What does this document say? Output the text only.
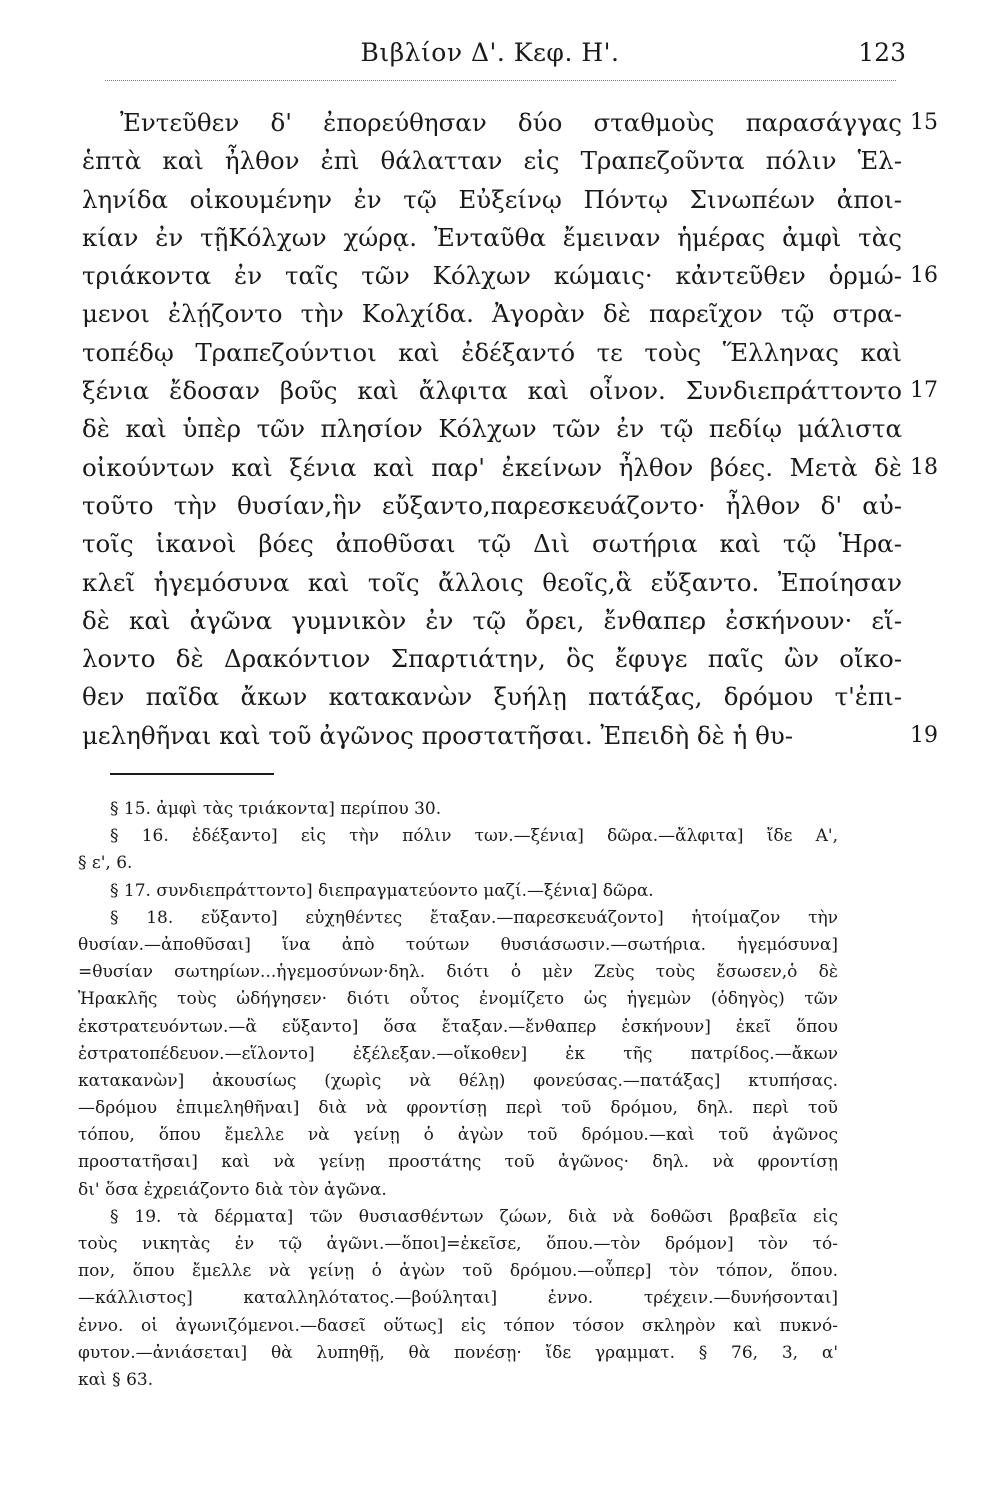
Βιβλίον Δ'. Κεφ. Η'.	123
Ἐντεῦθεν δ' ἐπορεύθησαν δύο σταθμοὺς παρασάγγας 15
ἑπτὰ καὶ ἦλθον ἐπὶ θάλατταν εἰς Τραπεζοῦντα πόλιν Ἑλ-
ληνίδα οἰκουμένην ἐν τῷ Εὐξείνῳ Πόντῳ Σινωπέων ἀποι-
κίαν ἐν τῇΚόλχων χώρᾳ. Ἐνταῦθα ἔμειναν ἡμέρας ἀμφὶ τὰς
τριάκοντα ἐν ταῖς τῶν Κόλχων κώμαις· κἀντεῦθεν ὁρμώ- 16
μενοι ἐλῄζοντο τὴν Κολχίδα. Ἀγορὰν δὲ παρεῖχον τῷ στρα-
τοπέδῳ Τραπεζούντιοι καὶ ἐδέξαντό τε τοὺς Ἕλληνας καὶ
ξένια ἔδοσαν βοῦς καὶ ἄλφιτα καὶ οἶνον. Συνδιεπράττοντο 17
δὲ καὶ ὑπὲρ τῶν πλησίον Κόλχων τῶν ἐν τῷ πεδίῳ μάλιστα
οἰκούντων καὶ ξένια καὶ παρ' ἐκείνων ἦλθον βόες. Μετὰ δὲ 18
τοῦτο τὴν θυσίαν,ἣν εὔξαντο,παρεσκευάζοντο· ἦλθον δ' αὐ-
τοῖς ἱκανοὶ βόες ἀποθῦσαι τῷ Διὶ σωτήρια καὶ τῷ Ἡρα-
κλεῖ ἡγεμόσυνα καὶ τοῖς ἄλλοις θεοῖς,ἃ εὔξαντο. Ἐποίησαν
δὲ καὶ ἀγῶνα γυμνικὸν ἐν τῷ ὄρει, ἔνθαπερ ἐσκήνουν· εἵ-
λοντο δὲ Δρακόντιον Σπαρτιάτην, ὃς ἔφυγε παῖς ὢν οἴκο-
θεν παῖδα ἄκων κατακανὼν ξυήλῃ πατάξας, δρόμου τ'ἐπι-
μεληθῆναι καὶ τοῦ ἀγῶνος προστατῆσαι. Ἐπειδὴ δὲ ἡ θυ-	19
§ 15. ἀμφὶ τὰς τριάκοντα] περίπου 30.
§ 16. ἐδέξαντο] εἰς τὴν πόλιν των.—ξένια] δῶρα.—ἄλφιτα] ἴδε Α',
§ ε', 6.
§ 17. συνδιεπράττοντο] διεπραγματεύοντο μαζί.—ξένια] δῶρα.
§ 18. εὔξαντο] εὐχηθέντες ἔταξαν.—παρεσκευάζοντο] ἡτοίμαζον τὴν
θυσίαν.—ἀποθῦσαι] ἵνα ἀπὸ τούτων θυσιάσωσιν.—σωτήρια. ἡγεμόσυνα]
=θυσίαν σωτηρίων...ἡγεμοσύνων·δηλ. διότι ὁ μὲν Ζεὺς τοὺς ἔσωσεν,ὁ δὲ
Ἡρακλῆς τοὺς ὡδήγησεν· διότι οὗτος ἐνομίζετο ὡς ἡγεμὼν (ὁδηγὸς) τῶν
ἐκστρατευόντων.—ἃ εὔξαντο] ὅσα ἔταξαν.—ἔνθαπερ ἐσκήνουν] ἐκεῖ ὅπου
ἐστρατοπέδευον.—εἵλοντο] ἐξέλεξαν.—οἴκοθεν] ἐκ τῆς πατρίδος.—ἄκων
κατακανὼν] ἀκουσίως (χωρὶς νὰ θέλῃ) φονεύσας.—πατάξας] κτυπήσας.
—δρόμου ἐπιμεληθῆναι] διὰ νὰ φροντίσῃ περὶ τοῦ δρόμου, δηλ. περὶ τοῦ
τόπου, ὅπου ἔμελλε νὰ γείνῃ ὁ ἀγὼν τοῦ δρόμου.—καὶ τοῦ ἀγῶνος
προστατῆσαι] καὶ νὰ γείνῃ προστάτης τοῦ ἀγῶνος· δηλ. νὰ φροντίσῃ
δι' ὅσα ἐχρειάζοντο διὰ τὸν ἀγῶνα.
§ 19. τὰ δέρματα] τῶν θυσιασθέντων ζώων, διὰ νὰ δοθῶσι βραβεῖα εἰς
τοὺς νικητὰς ἐν τῷ ἀγῶνι.—ὅποι]=ἐκεῖσε, ὅπου.—τὸν δρόμον] τὸν τό-
πον, ὅπου ἔμελλε νὰ γείνῃ ὁ ἀγὼν τοῦ δρόμου.—οὗπερ] τὸν τόπον, ὅπου.
—κάλλιστος] καταλληλότατος.—βούληται] ἐννο. τρέχειν.—δυνήσονται]
ἐννο. οἱ ἀγωνιζόμενοι.—δασεῖ οὕτως] εἰς τόπον τόσον σκληρὸν καὶ πυκνό-
φυτον.—ἀνιάσεται] θὰ λυπηθῇ, θὰ πονέσῃ· ἴδε γραμματ. § 76, 3, α'
καὶ § 63.
